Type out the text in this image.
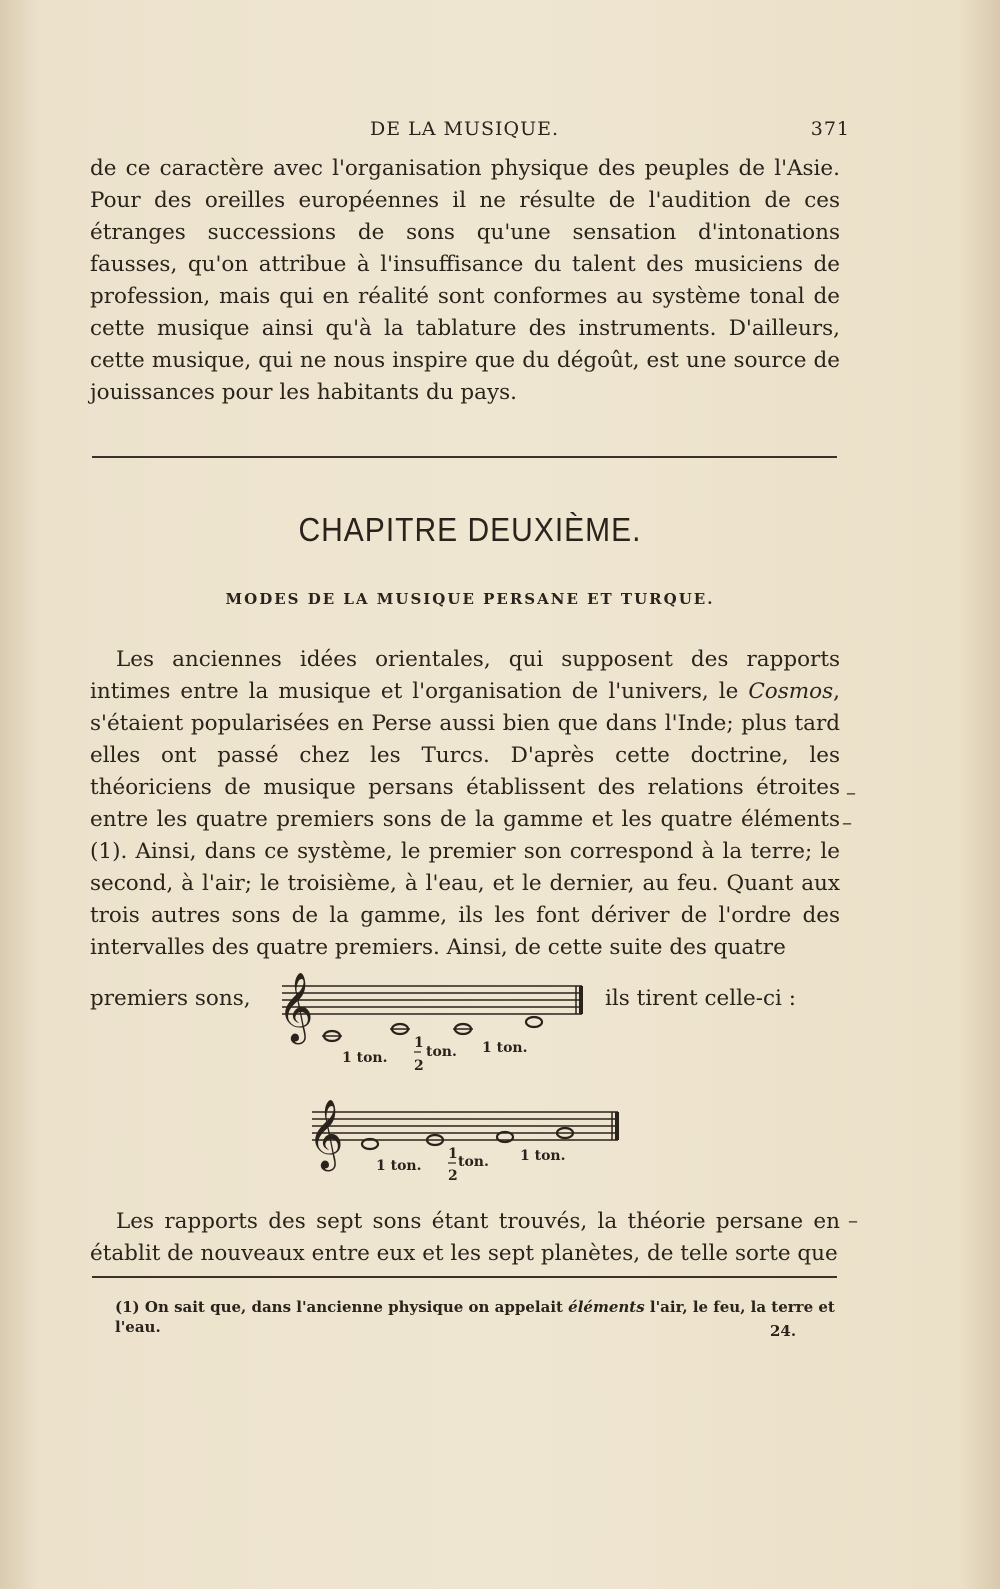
DE LA MUSIQUE.	371

de ce caractère avec l'organisation physique des peuples de l'Asie. Pour des oreilles européennes il ne résulte de l'audition de ces étranges successions de sons qu'une sensation d'intonations fausses, qu'on attribue à l'insuffisance du talent des musiciens de profession, mais qui en réalité sont conformes au système tonal de cette musique ainsi qu'à la tablature des instruments. D'ailleurs, cette musique, qui ne nous inspire que du dégoût, est une source de jouissances pour les habitants du pays.

CHAPITRE DEUXIÈME.
MODES DE LA MUSIQUE PERSANE ET TURQUE.

Les anciennes idées orientales, qui supposent des rapports intimes entre la musique et l'organisation de l'univers, le Cosmos, s'étaient popularisées en Perse aussi bien que dans l'Inde; plus tard elles ont passé chez les Turcs. D'après cette doctrine, les théoriciens de musique persans établissent des relations étroites entre les quatre premiers sons de la gamme et les quatre éléments (1). Ainsi, dans ce système, le premier son correspond à la terre; le second, à l'air; le troisième, à l'eau, et le dernier, au feu. Quant aux trois autres sons de la gamme, ils les font dériver de l'ordre des intervalles des quatre premiers. Ainsi, de cette suite des quatre

premiers sons,	ils tirent celle-ci :
𝄞
1 ton.
1
2
ton. 1 ton.
𝄞 1 ton.
1
2
ton. 1 ton.

Les rapports des sept sons étant trouvés, la théorie persane en établit de nouveaux entre eux et les sept planètes, de telle sorte que

(1) On sait que, dans l'ancienne physique on appelait éléments l'air, le feu, la terre et l'eau.	24.
–
–
–
